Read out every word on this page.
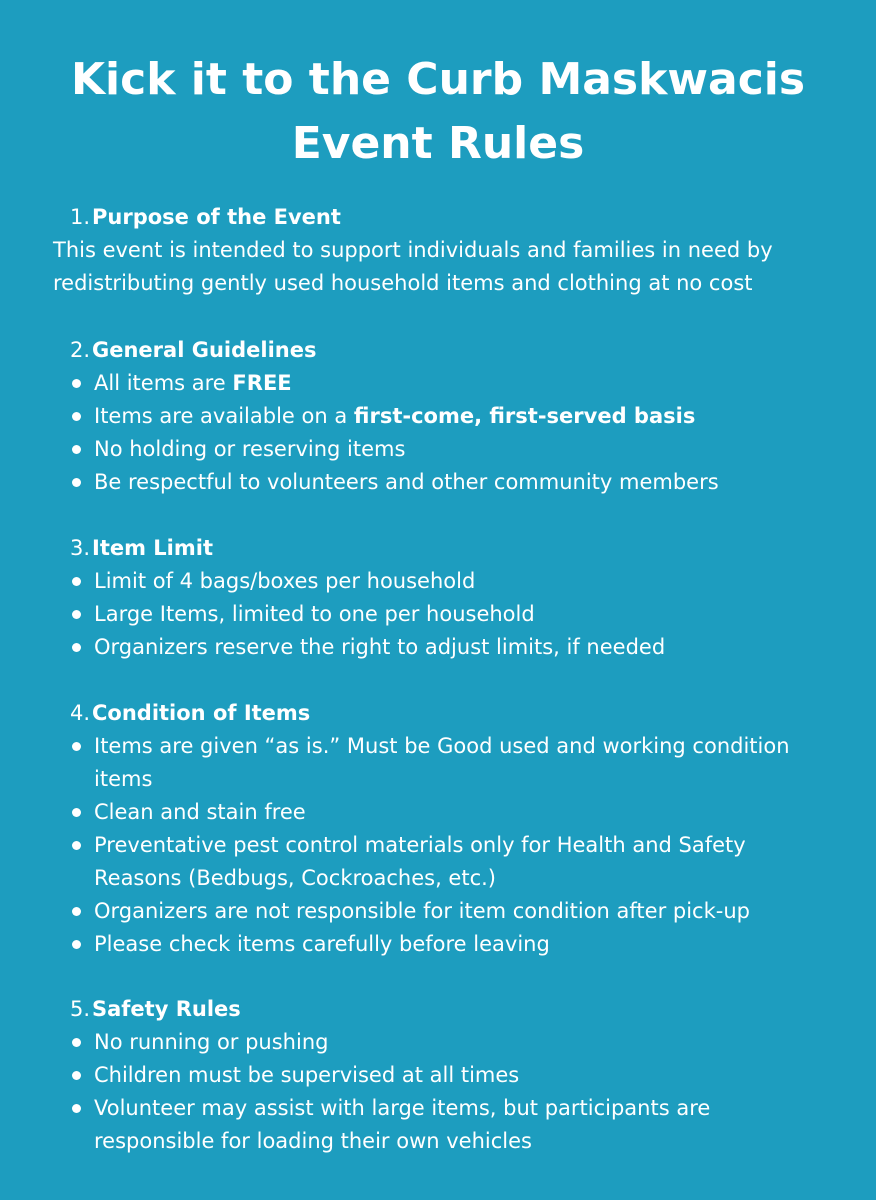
Kick it to the Curb Maskwacis
Event Rules
1.Purpose of the Event

This event is intended to support individuals and families in need by redistributing gently used household items and clothing at no cost

2.General Guidelines
All items are FREE
Items are available on a first-come, first-served basis
No holding or reserving items
Be respectful to volunteers and other community members
3.Item Limit
Limit of 4 bags/boxes per household
Large Items, limited to one per household
Organizers reserve the right to adjust limits, if needed
4.Condition of Items
Items are given “as is.” Must be Good used and working condition items
Clean and stain free
Preventative pest control materials only for Health and Safety Reasons (Bedbugs, Cockroaches, etc.)
Organizers are not responsible for item condition after pick-up
Please check items carefully before leaving
5.Safety Rules
No running or pushing
Children must be supervised at all times
Volunteer may assist with large items, but participants are responsible for loading their own vehicles
